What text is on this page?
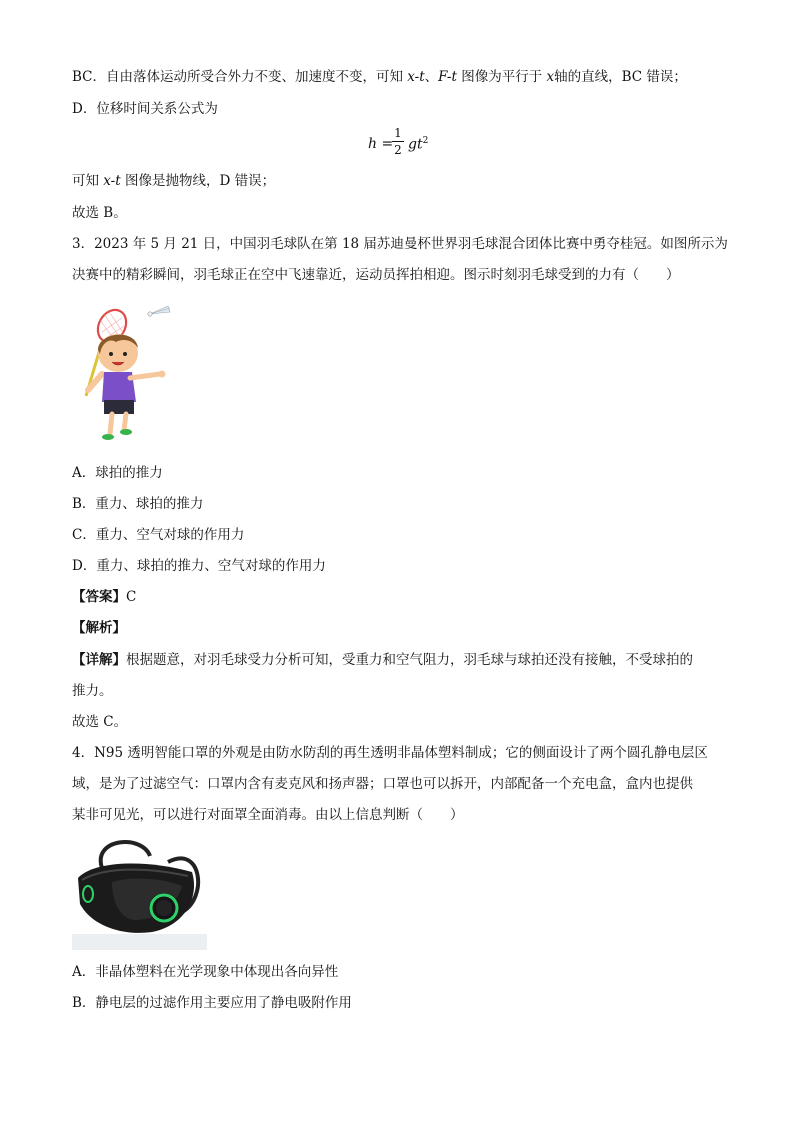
BC．自由落体运动所受合外力不变、加速度不变，可知 x-t、F-t 图像为平行于 x轴的直线，BC 错误；
D．位移时间关系公式为
h =
1
2 $gt^2$
可知 x-t 图像是抛物线，D 错误；
故选 B。
3．2023 年 5 月 21 日，中国羽毛球队在第 18 届苏迪曼杯世界羽毛球混合团体比赛中勇夺桂冠。如图所示为
决赛中的精彩瞬间，羽毛球正在空中飞速靠近，运动员挥拍相迎。图示时刻羽毛球受到的力有（　　）
A．球拍的推力
B．重力、球拍的推力
C．重力、空气对球的作用力
D．重力、球拍的推力、空气对球的作用力
【答案】C
【解析】
【详解】根据题意，对羽毛球受力分析可知，受重力和空气阻力，羽毛球与球拍还没有接触，不受球拍的
推力。
故选 C。
4．N95 透明智能口罩的外观是由防水防刮的再生透明非晶体塑料制成；它的侧面设计了两个圆孔静电层区
域，是为了过滤空气：口罩内含有麦克风和扬声器；口罩也可以拆开，内部配备一个充电盒，盒内也提供
某非可见光，可以进行对面罩全面消毒。由以上信息判断（　　）
A．非晶体塑料在光学现象中体现出各向异性
B．静电层的过滤作用主要应用了静电吸附作用
